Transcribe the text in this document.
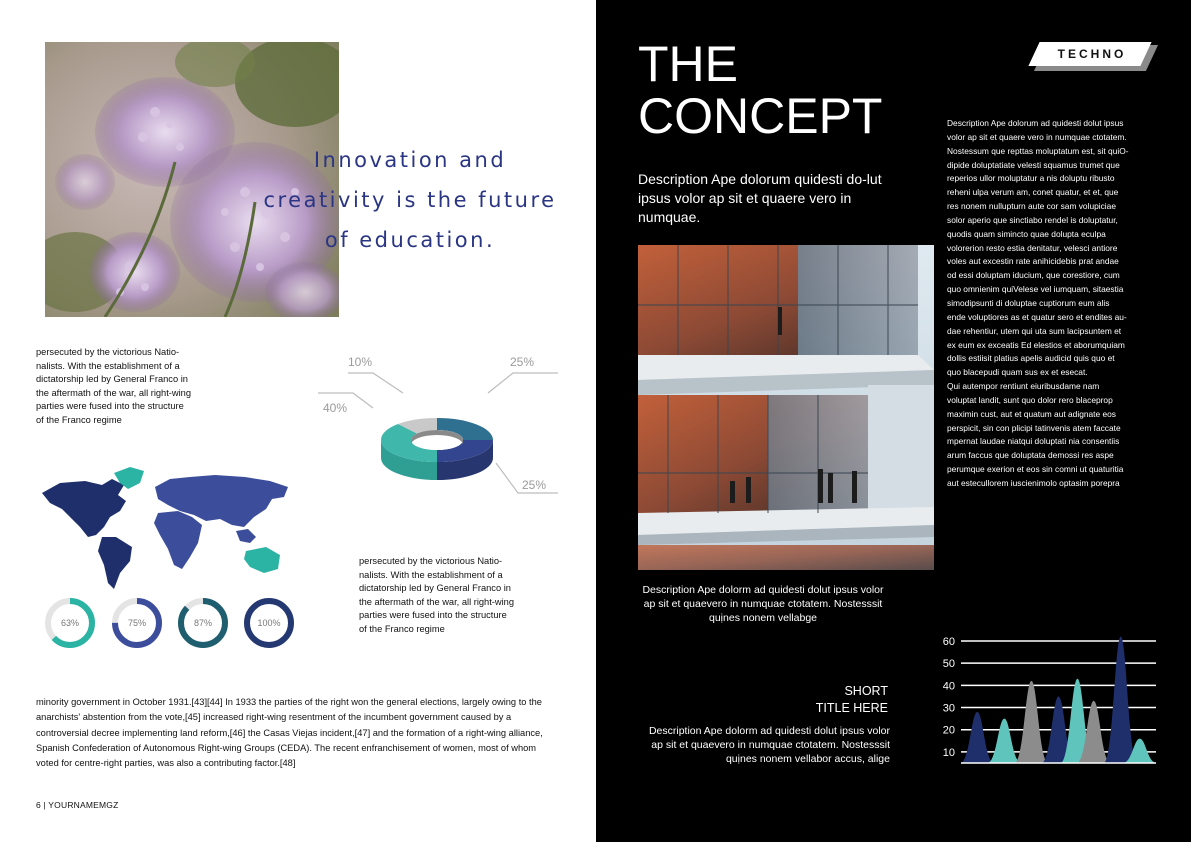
Innovation and
creativity is the future
of education.
persecuted by the victorious Natio-
nalists. With the establishment of a
dictatorship led by General Franco in
the aftermath of the war, all right-wing
parties were fused into the structure
of the Franco regime
10%	25%
40%
25%
persecuted by the victorious Natio-
nalists. With the establishment of a
dictatorship led by General Franco in
the aftermath of the war, all right-wing
parties were fused into the structure
of the Franco regime
63%	75%	87%	100%
minority government in October 1931.[43][44] In 1933 the parties of the right won the general elections, largely owing to the anarchists' abstention from the vote,[45] increased right-wing resentment of the incumbent government caused by a controversial decree implementing land reform,[46] the Casas Viejas incident,[47] and the formation of a right-wing alliance, Spanish Confederation of Autonomous Right-wing Groups (CEDA). The recent enfranchisement of women, most of whom voted for centre-right parties, was also a contributing factor.[48]
6 | YOURNAMEMGZ
THE
CONCEPT
TECHNO
Description Ape dolorum quidesti do-lut ipsus volor ap sit et quaere vero in numquae.
Description Ape dolorm ad quidesti dolut ipsus volor ap sit et quaevero in numquae ctotatem. Nostesssit quịnes nonem vellabge
Description Ape dolorum ad quidesti dolut ipsus
volor ap sit et quaere vero in numquae ctotatem.
Nostessum que repttas moluptatum est, sit quiO-
dipide doluptatiate velesti squamus trumet que
reperios ullor moluptatur a nis doluptu ribusto
reheni ulpa verum am, conet quatur, et et, que
res nonem nullupturn aute cor sam volupiciae
solor aperio que sinctiabo rendel is doluptatur,
quodis quam simincto quae dolupta eculpa
volorerion resto estia denitatur, velesci antiore
voles aut excestin rate anihicidebis prat andae
od essi doluptam iducium, que corestiore, cum
quo omnienim quiVelese vel iumquam, sitaestia
simodipsunti di doluptae cuptiorum eum alis
ende voluptiores as et quatur sero et endites au-
dae rehentiur, utem qui uta sum lacipsuntem et
ex eum ex exceatis Ed elestios et aborumquiam
dollis estiisit platius apelis audicid quis quo et
quo blacepudi quam sus ex et esecat.
Qui autempor rentiunt eiuribusdame nam
voluptat landit, sunt quo dolor rero blaceprор
maximin cust, aut et quatum aut adignate eos
perspicit, sin con plicipi tatinvenis atem faccate
mpernat laudae niatqui doluptati nia consentiis
arum faccus que doluptata demossi res aspe
perumque exerion et eos sin comni ut quaturitia
aut estecullorem iuscienimolo optasim porepra
SHORT
TITLE HERE
Description Ape dolorm ad quidesti dolut ipsus volor ap sit et quaevero in numquae ctotatem. Nostesssit quịnes nonem vellabor accus, alige
10
20
30
40
50
60
